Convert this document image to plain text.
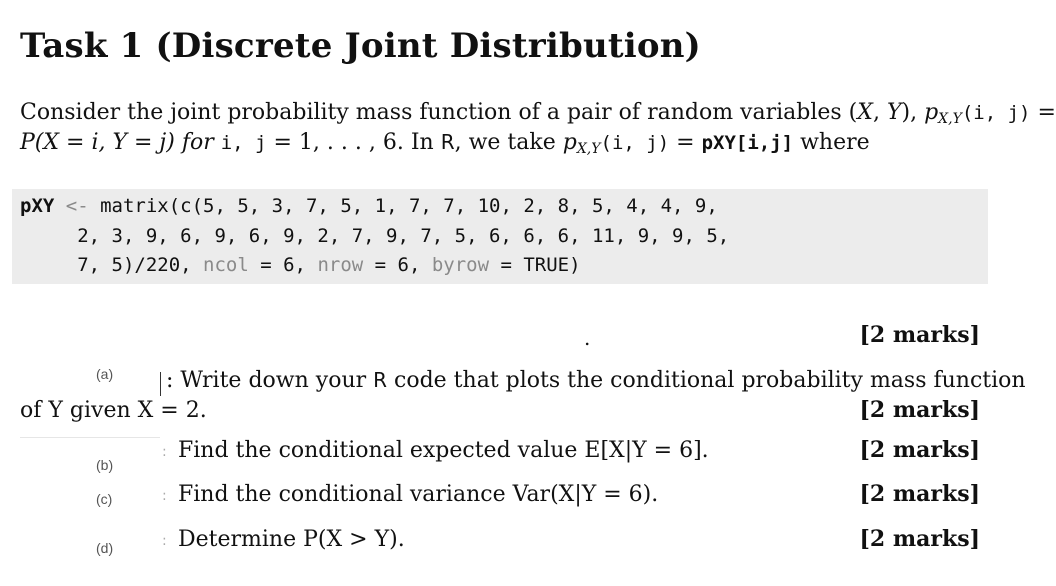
Task 1 (Discrete Joint Distribution)
Consider the joint probability mass function of a pair of random variables (X, Y), $p_{X,Y}(i$, j) =
P(X = i, Y = j) for i, j = 1, . . . , 6. In R, we take $p_{X,Y}(i$, j) = pXY[i,j] where
pXY <- matrix(c(5, 5, 3, 7, 5, 1, 7, 7, 10, 2, 8, 5, 4, 4, 9,
2, 3, 9, 6, 9, 6, 9, 2, 7, 9, 7, 5, 6, 6, 6, 11, 9, 9, 5,
7, 5)/220, ncol = 6, nrow = 6, byrow = TRUE)
.	[2 marks]
(a) : Write down your R code that plots the conditional probability mass function
of Y given X = 2.	[2 marks]
(b)
: Find the conditional expected value E[X|Y = 6].	[2 marks]
(c)	: Find the conditional variance Var(X|Y = 6).	[2 marks]
(d)	: Determine P(X > Y).	[2 marks]
